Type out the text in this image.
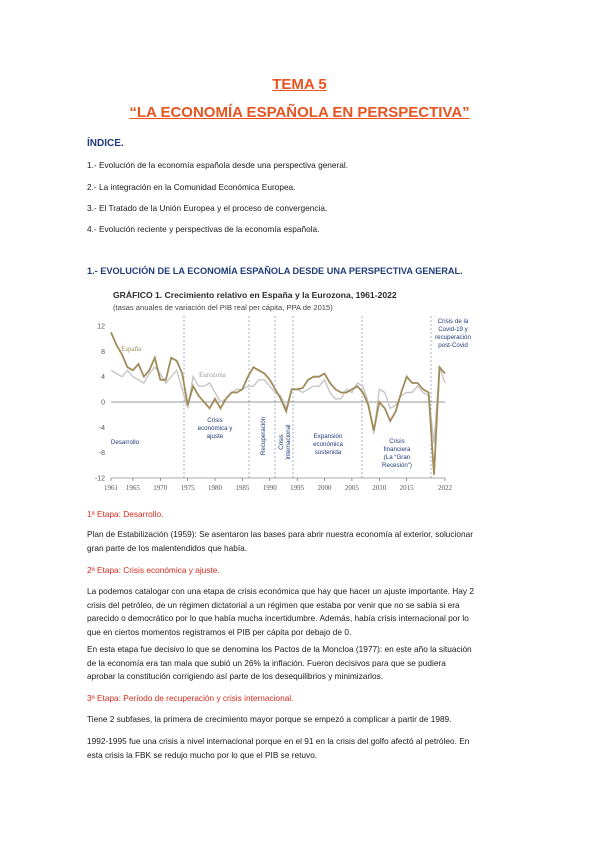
TEMA 5
“LA ECONOMÍA ESPAÑOLA EN PERSPECTIVA”
ÍNDICE.
1.- Evolución de la economía española desde una perspectiva general.
2.- La integración en la Comunidad Económica Europea.
3.- El Tratado de la Unión Europea y el proceso de convergencia.
4.- Evolución reciente y perspectivas de la economía española.
1.- EVOLUCIÓN DE LA ECONOMÍA ESPAÑOLA DESDE UNA PERSPECTIVA GENERAL.
GRÁFICO 1. Crecimiento relativo en España y la Eurozona, 1961-2022
(tasas anuales de variación del PIB real per cápita, PPA de 2015)
Desarrollo
Crisis económica y ajuste	Recuperación Crisisinternacional	Expansión económica sostenida
Crisis financiera (La “Gran Recesión”)
Crisis de la Covid-19 y recuperación post-Covid
-12
-8
-4
0
4
8
12
1961 1965 1970 1975 1980 1985 1990 1995 2000 2005 2010 2015	2022
España
Eurozona
1ª Etapa: Desarrollo.
Plan de Estabilización (1959): Se asentaron las bases para abrir nuestra economía al exterior, solucionar
gran parte de los malentendidos que había.
2ª Etapa: Crisis económica y ajuste.
La podemos catalogar con una etapa de crisis económica que hay que hacer un ajuste importante. Hay 2
crisis del petróleo, de un régimen dictatorial a un régimen que estaba por venir que no se sabía si era
parecido o democrático por lo que había mucha incertidumbre. Además, había crisis internacional por lo
que en ciertos momentos registramos el PIB per cápita por debajo de 0.
En esta etapa fue decisivo lo que se denomina los Pactos de la Moncloa (1977): en este año la situación
de la economía era tan mala que subió un 26% la inflación. Fueron decisivos para que se pudiera
aprobar la constitución corrigiendo así parte de los desequilibrios y minimizarlos.
3ª Etapa: Período de recuperación y crisis internacional.
Tiene 2 subfases, la primera de crecimiento mayor porque se empezó a complicar a partir de 1989.
1992-1995 fue una crisis a nivel internacional porque en el 91 en la crisis del golfo afectó al petróleo. En
esta crisis la FBK se redujo mucho por lo que el PIB se retuvo.
